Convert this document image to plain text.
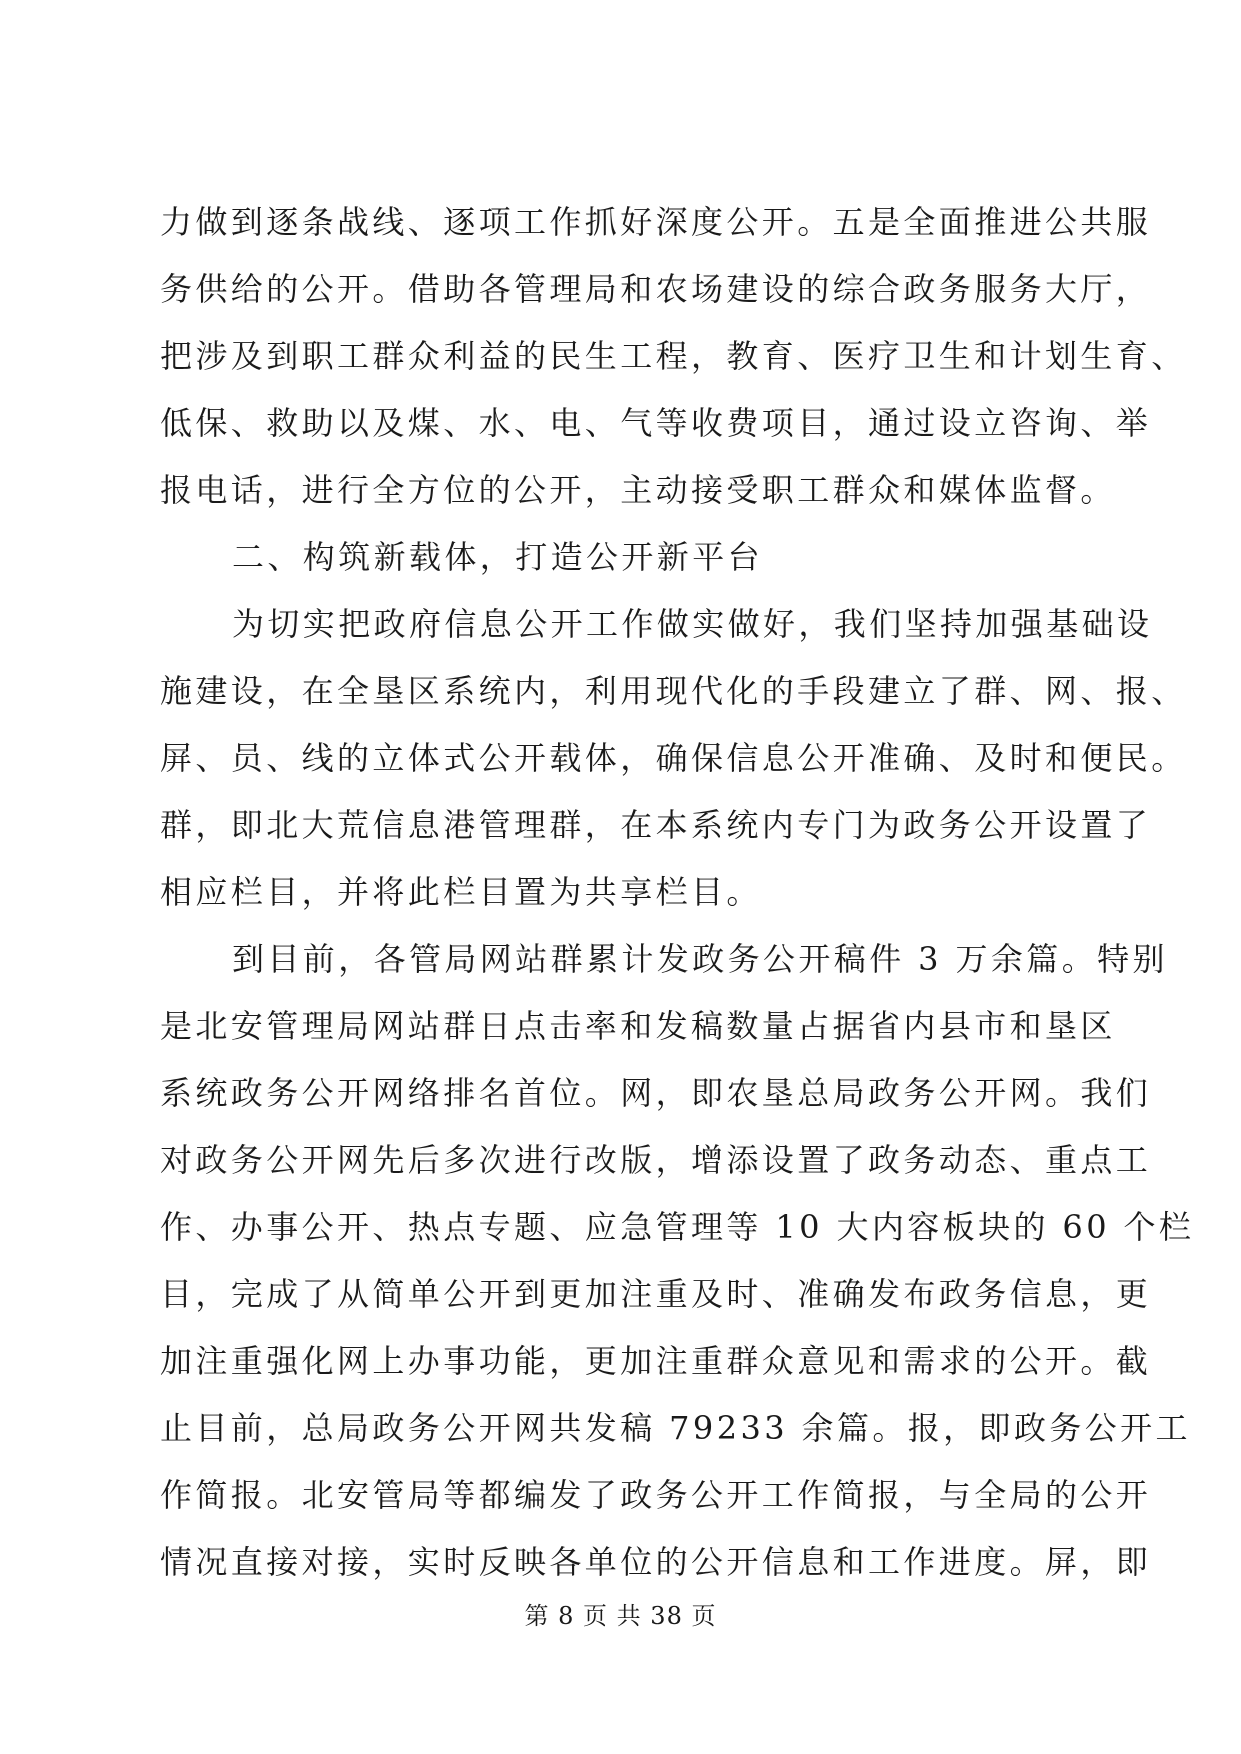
力做到逐条战线、逐项工作抓好深度公开。五是全面推进公共服

务供给的公开。借助各管理局和农场建设的综合政务服务大厅，

把涉及到职工群众利益的民生工程，教育、医疗卫生和计划生育、

低保、救助以及煤、水、电、气等收费项目，通过设立咨询、举

报电话，进行全方位的公开，主动接受职工群众和媒体监督。

二、构筑新载体，打造公开新平台

为切实把政府信息公开工作做实做好，我们坚持加强基础设

施建设，在全垦区系统内，利用现代化的手段建立了群、网、报、

屏、员、线的立体式公开载体，确保信息公开准确、及时和便民。

群，即北大荒信息港管理群，在本系统内专门为政务公开设置了

相应栏目，并将此栏目置为共享栏目。

到目前，各管局网站群累计发政务公开稿件 3 万余篇。特别

是北安管理局网站群日点击率和发稿数量占据省内县市和垦区

系统政务公开网络排名首位。网，即农垦总局政务公开网。我们

对政务公开网先后多次进行改版，增添设置了政务动态、重点工

作、办事公开、热点专题、应急管理等 10 大内容板块的 60 个栏

目，完成了从简单公开到更加注重及时、准确发布政务信息，更

加注重强化网上办事功能，更加注重群众意见和需求的公开。截

止目前，总局政务公开网共发稿 79233 余篇。报，即政务公开工

作简报。北安管局等都编发了政务公开工作简报，与全局的公开

情况直接对接，实时反映各单位的公开信息和工作进度。屏，即

第 8 页 共 38 页
